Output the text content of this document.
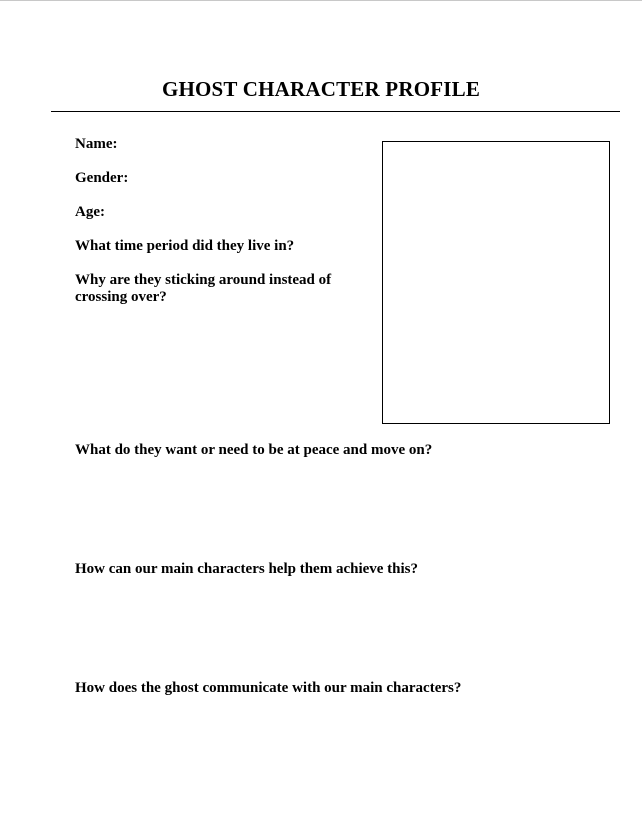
GHOST CHARACTER PROFILE

Name:

Gender:

Age:

What time period did they live in?

Why are they sticking around instead of crossing over?

What do they want or need to be at peace and move on?

How can our main characters help them achieve this?

How does the ghost communicate with our main characters?
